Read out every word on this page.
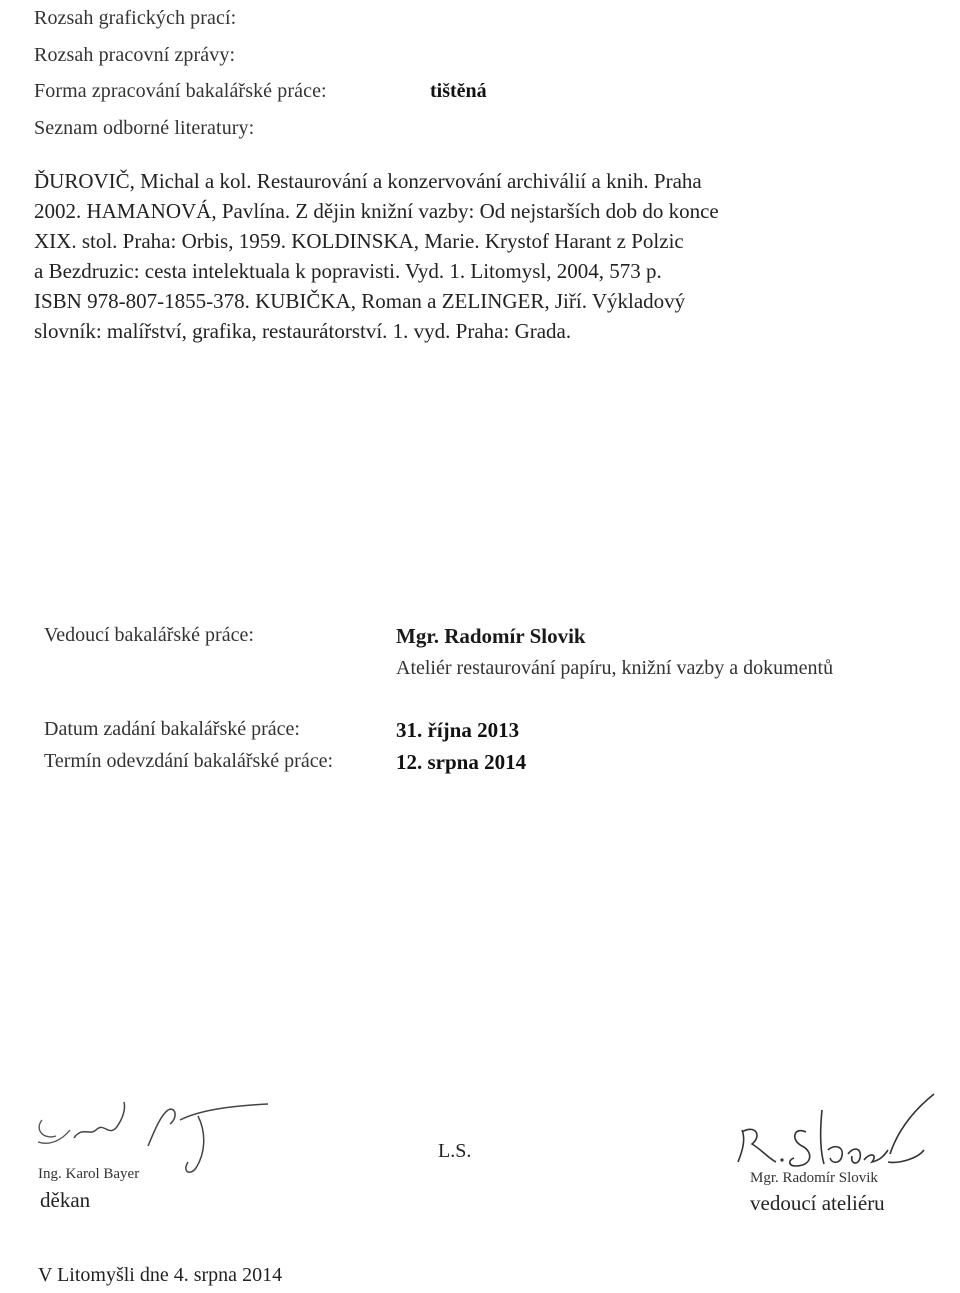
Rozsah grafických prací:
Rozsah pracovní zprávy:
Forma zpracování bakalářské práce:	tištěná
Seznam odborné literatury:
ĎUROVIČ, Michal a kol. Restaurování a konzervování archiválií a knih. Praha
2002. HAMANOVÁ, Pavlína. Z dějin knižní vazby: Od nejstarších dob do konce
XIX. stol. Praha: Orbis, 1959. KOLDINSKA, Marie. Krystof Harant z Polzic
a Bezdruzic: cesta intelektuala k popravisti. Vyd. 1. Litomysl, 2004, 573 p.
ISBN 978-807-1855-378. KUBIČKA, Roman a ZELINGER, Jiří. Výkladový
slovník: malířství, grafika, restaurátorství. 1. vyd. Praha: Grada.
Vedoucí bakalářské práce:	Mgr. Radomír Slovik
Ateliér restaurování papíru, knižní vazby a dokumentů
Datum zadání bakalářské práce:	31. října 2013
Termín odevzdání bakalářské práce:	12. srpna 2014
Ing. Karol Bayer
děkan
L.S.
Mgr. Radomír Slovik
vedoucí ateliéru
V Litomyšli dne 4. srpna 2014
